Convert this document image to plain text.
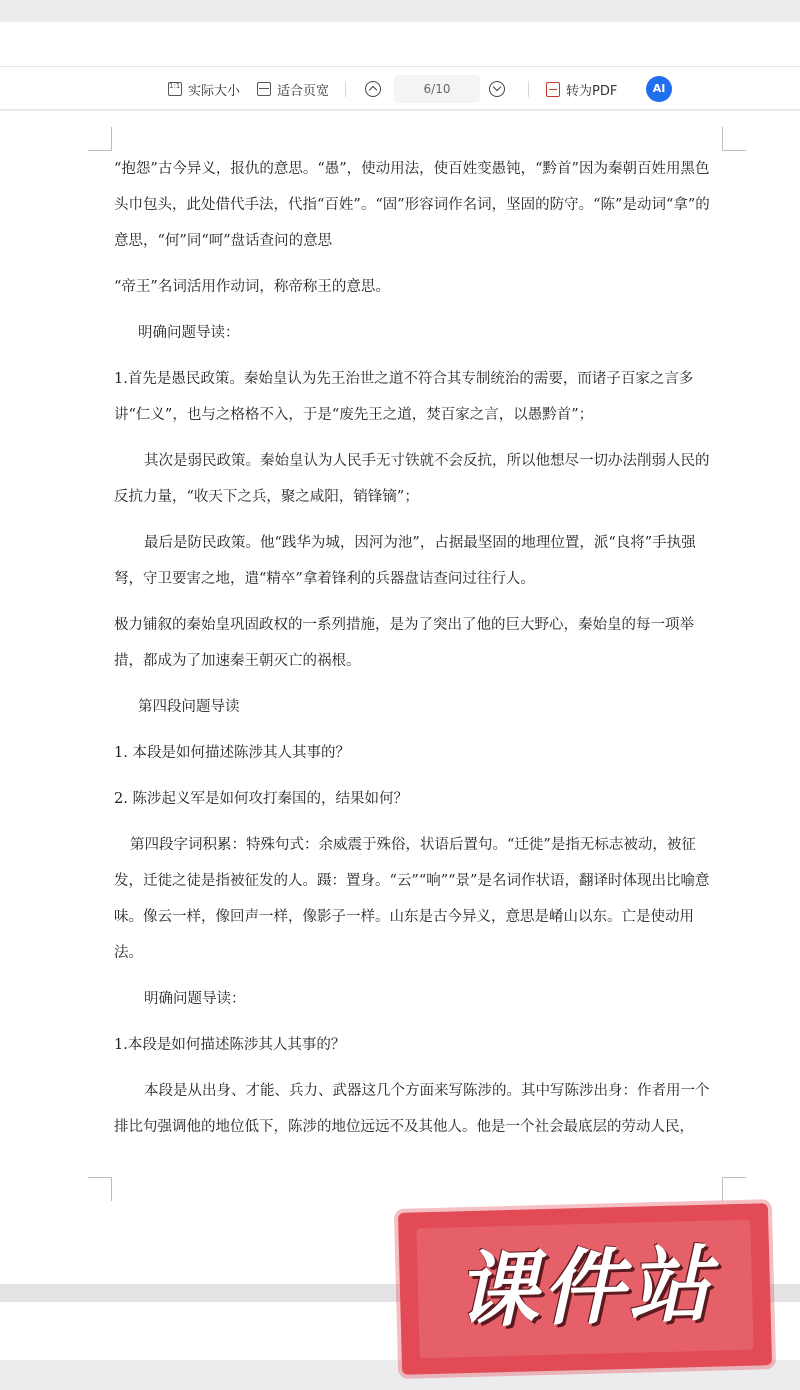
1:1
实际大小	适合页宽	6/10	转为PDF	AI

“抱怨”古今异义，报仇的意思。“愚”，使动用法，使百姓变愚钝，“黔首”因为秦朝百姓用黑色头巾包头，此处借代手法，代指“百姓”。“固”形容词作名词，坚固的防守。“陈”是动词“拿”的意思，“何”同“呵”盘话查问的意思

“帝王”名词活用作动词，称帝称王的意思。

明确问题导读：

1.首先是愚民政策。秦始皇认为先王治世之道不符合其专制统治的需要，而诸子百家之言多讲“仁义”，也与之格格不入，于是“废先王之道，焚百家之言，以愚黔首”；

其次是弱民政策。秦始皇认为人民手无寸铁就不会反抗，所以他想尽一切办法削弱人民的反抗力量，“收天下之兵，聚之咸阳，销锋镝”；

最后是防民政策。他“践华为城，因河为池”，占据最坚固的地理位置，派“良将”手执强弩，守卫要害之地，遣“精卒”拿着锋利的兵器盘诘查问过往行人。

极力铺叙的秦始皇巩固政权的一系列措施，是为了突出了他的巨大野心，秦始皇的每一项举措，都成为了加速秦王朝灭亡的祸根。

第四段问题导读

1. 本段是如何描述陈涉其人其事的？

2. 陈涉起义军是如何攻打秦国的，结果如何？

第四段字词积累：特殊句式：余威震于殊俗，状语后置句。“迁徙”是指无标志被动，被征发，迁徙之徒是指被征发的人。蹑：置身。“云”“响”“景”是名词作状语，翻译时体现出比喻意味。像云一样，像回声一样，像影子一样。山东是古今异义，意思是崤山以东。亡是使动用法。

明确问题导读：

1.本段是如何描述陈涉其人其事的？

本段是从出身、才能、兵力、武器这几个方面来写陈涉的。其中写陈涉出身：作者用一个排比句强调他的地位低下，陈涉的地位远远不及其他人。他是一个社会最底层的劳动人民，

课件站
